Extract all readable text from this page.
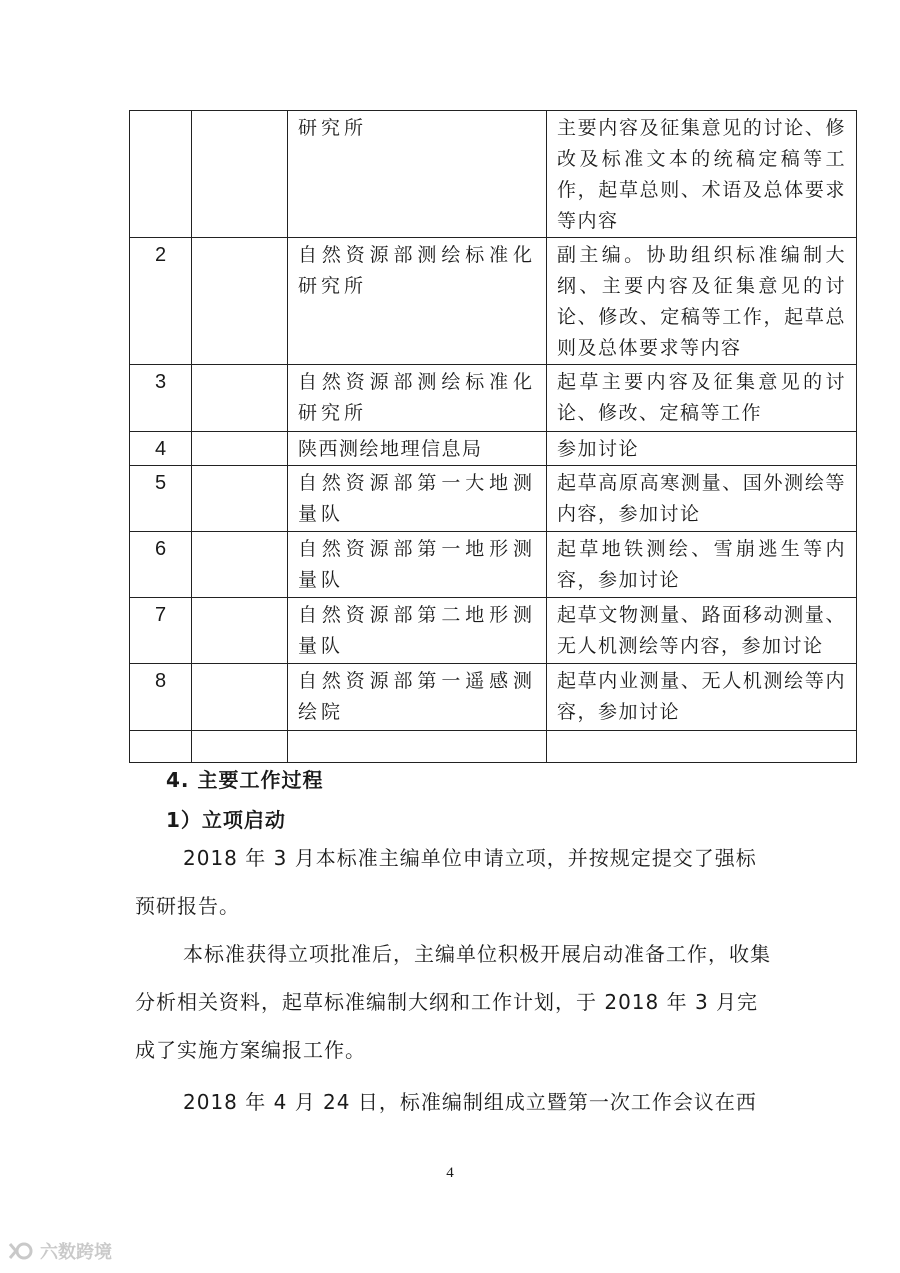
		研究所	主要内容及征集意见的讨论、修改及标准文本的统稿定稿等工作，起草总则、术语及总体要求等内容
2		自然资源部测绘标准化研究所	副主编。协助组织标准编制大纲、主要内容及征集意见的讨论、修改、定稿等工作，起草总则及总体要求等内容
3		自然资源部测绘标准化研究所	起草主要内容及征集意见的讨论、修改、定稿等工作
4		陕西测绘地理信息局	参加讨论
5		自然资源部第一大地测量队	起草高原高寒测量、国外测绘等内容，参加讨论
6		自然资源部第一地形测量队	起草地铁测绘、雪崩逃生等内容，参加讨论
7		自然资源部第二地形测量队	起草文物测量、路面移动测量、无人机测绘等内容，参加讨论
8		自然资源部第一遥感测绘院	起草内业测量、无人机测绘等内容，参加讨论

4. 主要工作过程
1）立项启动
2018 年 3 月本标准主编单位申请立项，并按规定提交了强标预研报告。
本标准获得立项批准后，主编单位积极开展启动准备工作，收集分析相关资料，起草标准编制大纲和工作计划，于 2018 年 3 月完成了实施方案编报工作。
2018 年 4 月 24 日，标准编制组成立暨第一次工作会议在西
4
六数跨境
